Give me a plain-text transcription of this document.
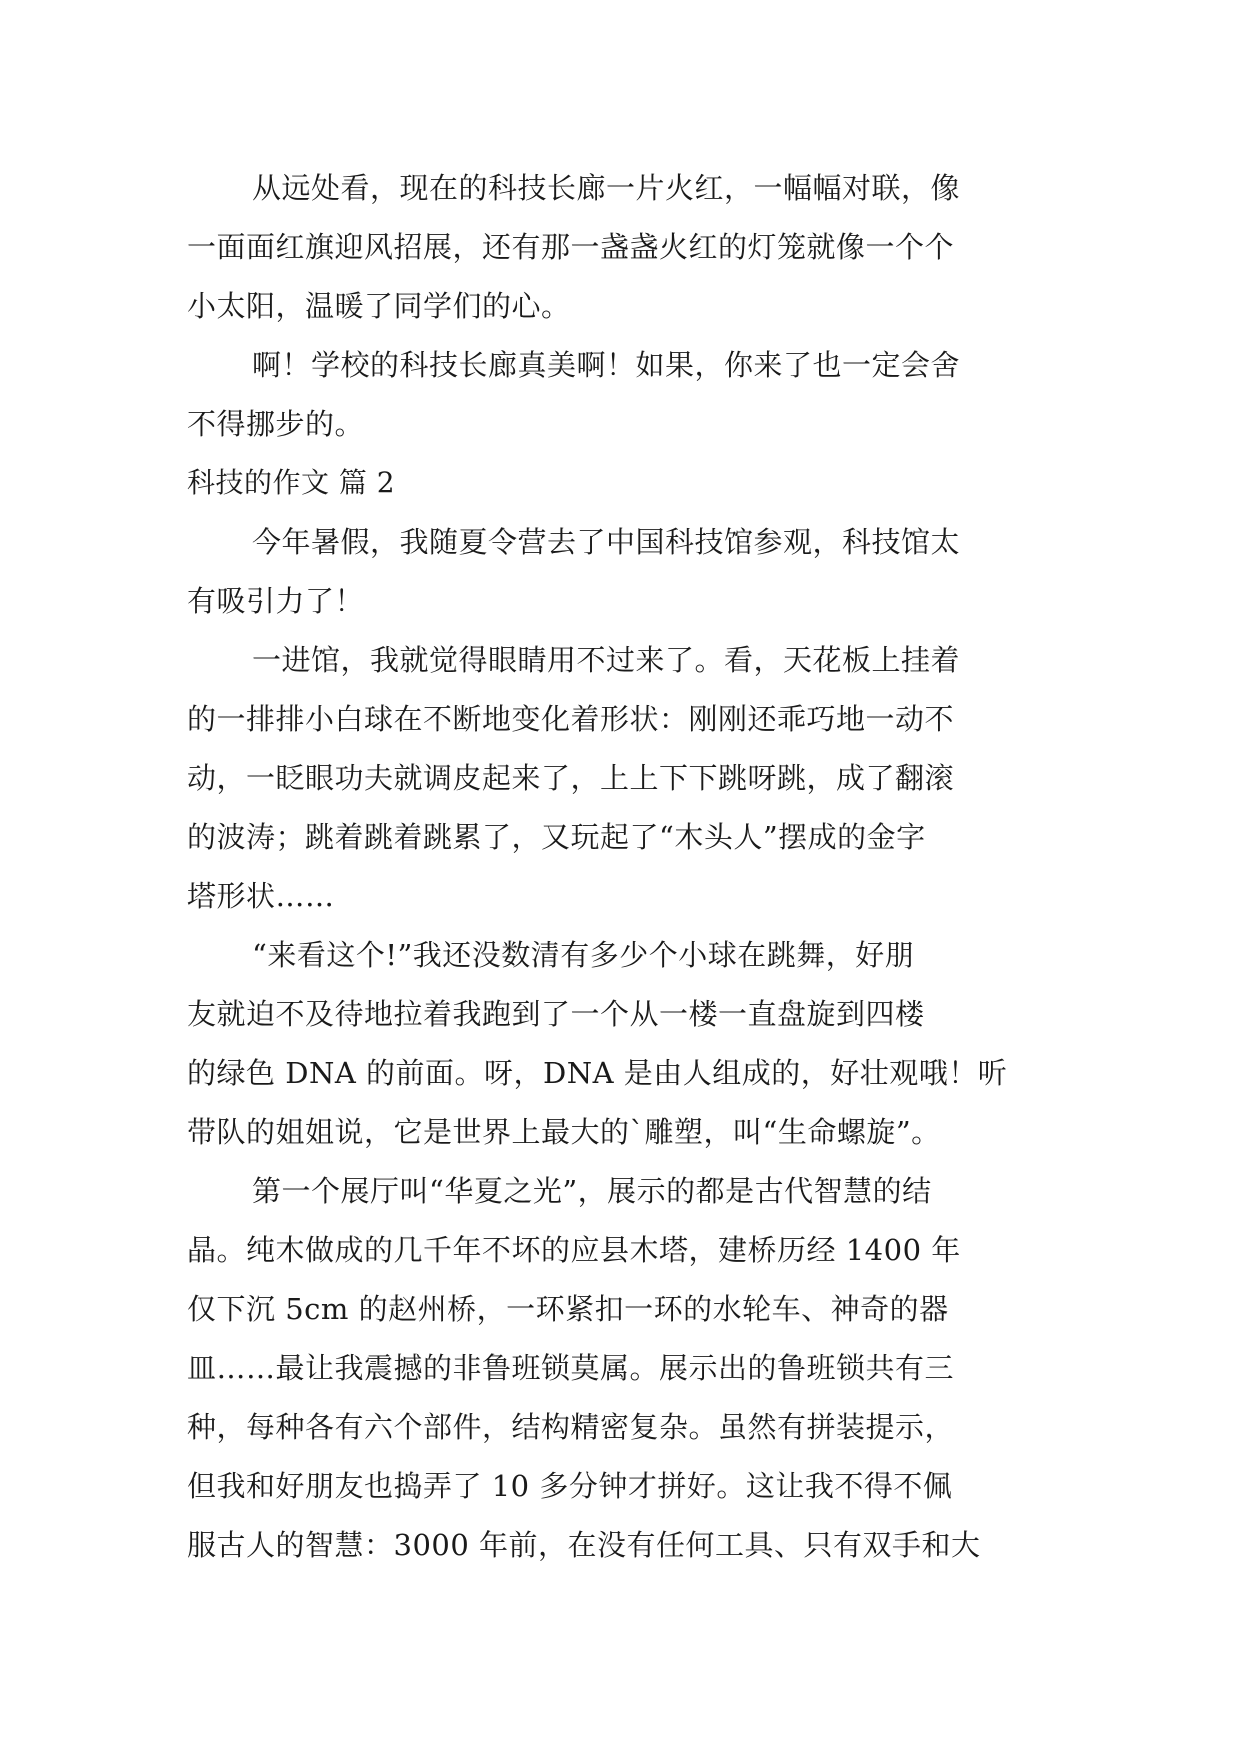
从远处看，现在的科技长廊一片火红，一幅幅对联，像
一面面红旗迎风招展，还有那一盏盏火红的灯笼就像一个个
小太阳，温暖了同学们的心。
啊！学校的科技长廊真美啊！如果，你来了也一定会舍
不得挪步的。
科技的作文 篇 2
今年暑假，我随夏令营去了中国科技馆参观，科技馆太
有吸引力了！
一进馆，我就觉得眼睛用不过来了。看，天花板上挂着
的一排排小白球在不断地变化着形状：刚刚还乖巧地一动不
动，一眨眼功夫就调皮起来了，上上下下跳呀跳，成了翻滚
的波涛；跳着跳着跳累了，又玩起了“木头人”摆成的金字
塔形状……
“来看这个!”我还没数清有多少个小球在跳舞，好朋
友就迫不及待地拉着我跑到了一个从一楼一直盘旋到四楼
的绿色 DNA 的前面。呀，DNA 是由人组成的，好壮观哦！听
带队的姐姐说，它是世界上最大的`雕塑，叫“生命螺旋”。
第一个展厅叫“华夏之光”，展示的都是古代智慧的结
晶。纯木做成的几千年不坏的应县木塔，建桥历经 1400 年
仅下沉 5cm 的赵州桥，一环紧扣一环的水轮车、神奇的器
皿……最让我震撼的非鲁班锁莫属。展示出的鲁班锁共有三
种，每种各有六个部件，结构精密复杂。虽然有拼装提示，
但我和好朋友也捣弄了 10 多分钟才拼好。这让我不得不佩
服古人的智慧：3000 年前，在没有任何工具、只有双手和大
